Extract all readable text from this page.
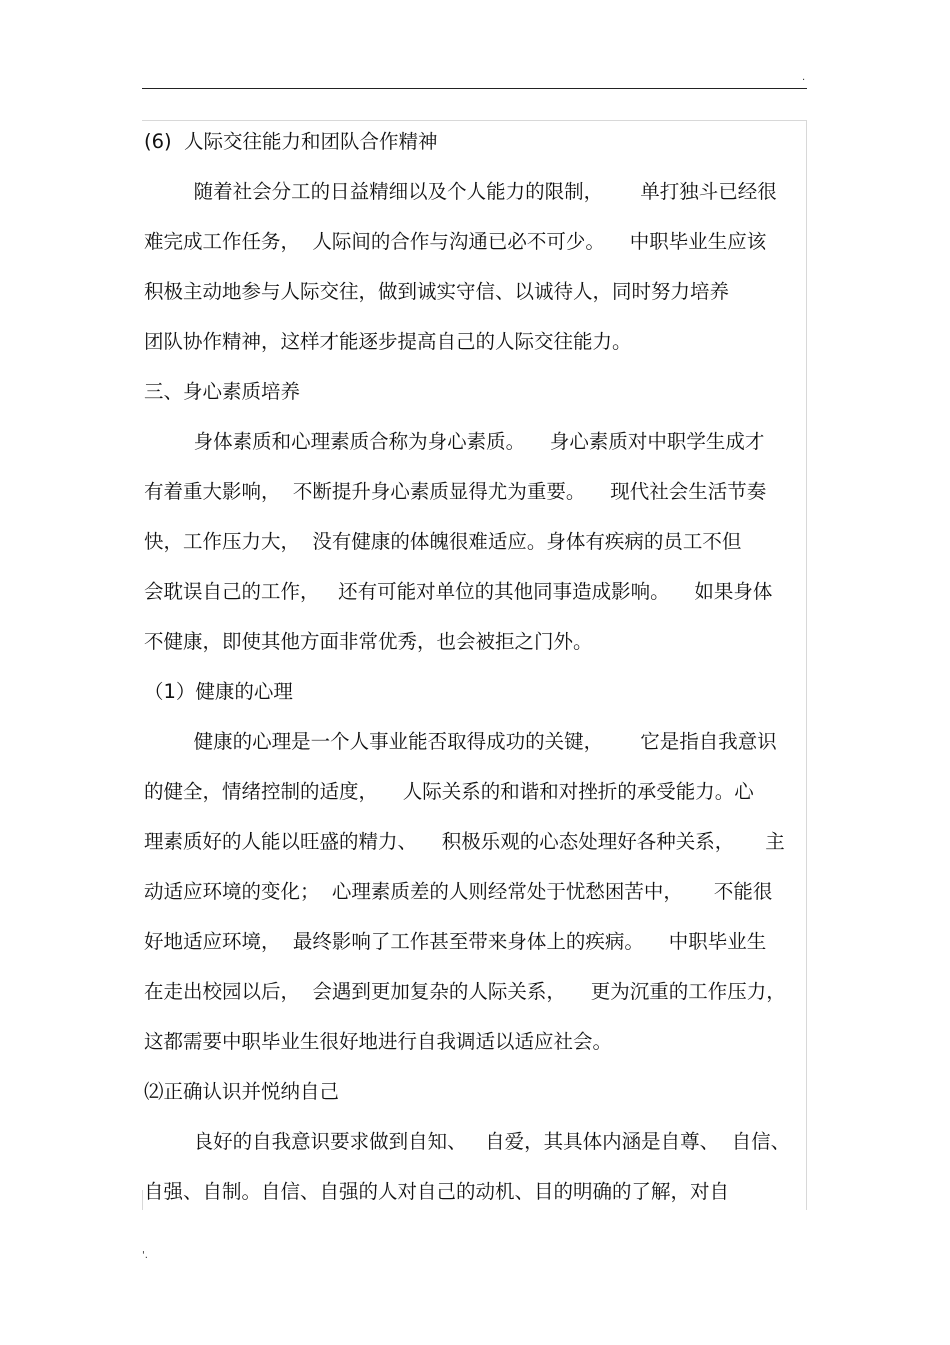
.
(6)  人际交往能力和团队合作精神
随着社会分工的日益精细以及个人能力的限制，      单打独斗已经很
难完成工作任务，  人际间的合作与沟通已必不可少。    中职毕业生应该
积极主动地参与人际交往，做到诚实守信、以诚待人，同时努力培养
团队协作精神，这样才能逐步提高自己的人际交往能力。
三、身心素质培养
身体素质和心理素质合称为身心素质。    身心素质对中职学生成才
有着重大影响，  不断提升身心素质显得尤为重要。    现代社会生活节奏
快，工作压力大，  没有健康的体魄很难适应。身体有疾病的员工不但
会耽误自己的工作，   还有可能对单位的其他同事造成影响。    如果身体
不健康，即使其他方面非常优秀，也会被拒之门外。
（1）健康的心理
健康的心理是一个人事业能否取得成功的关键，      它是指自我意识
的健全，情绪控制的适度，    人际关系的和谐和对挫折的承受能力。心
理素质好的人能以旺盛的精力、    积极乐观的心态处理好各种关系，     主
动适应环境的变化；  心理素质差的人则经常处于忧愁困苦中，     不能很
好地适应环境，  最终影响了工作甚至带来身体上的疾病。    中职毕业生
在走出校园以后，  会遇到更加复杂的人际关系，    更为沉重的工作压力，
这都需要中职毕业生很好地进行自我调适以适应社会。
⑵正确认识并悦纳自己
良好的自我意识要求做到自知、   自爱，其具体内涵是自尊、  自信、
自强、自制。自信、自强的人对自己的动机、目的明确的了解，对自
'.
